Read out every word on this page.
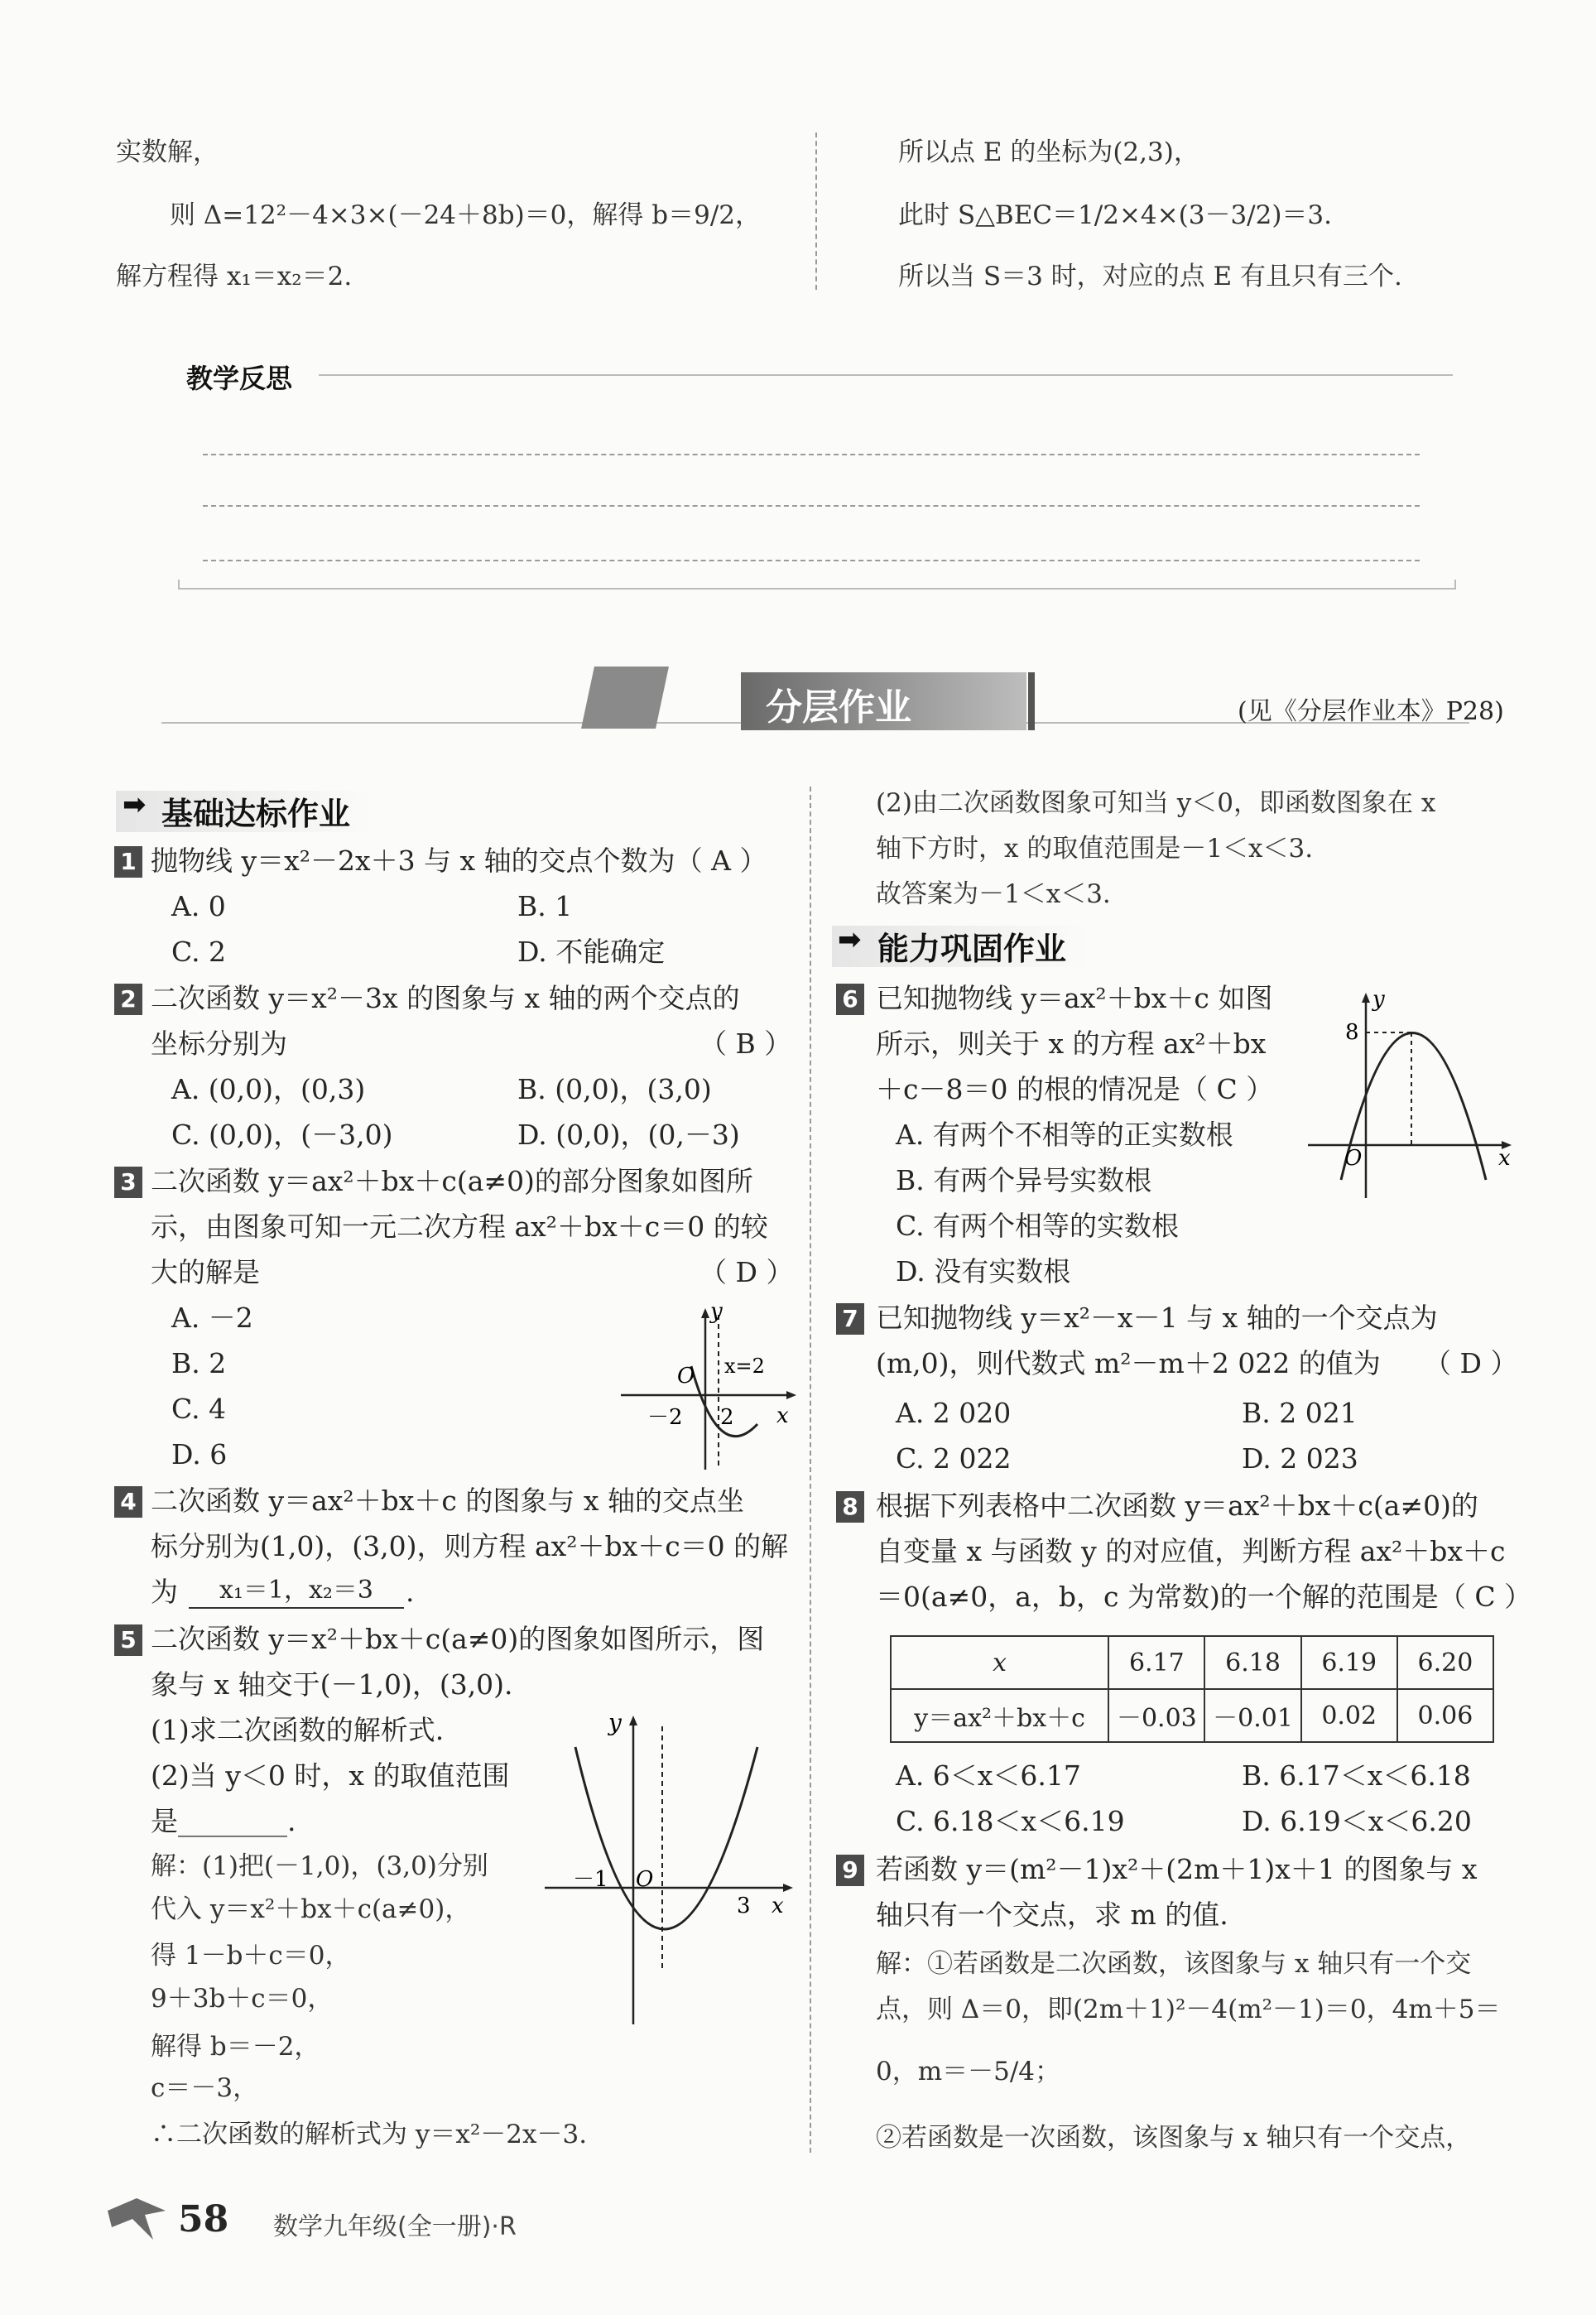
实数解，
则 Δ=12²－4×3×(－24＋8b)＝0，解得 b＝9/2，
解方程得 x₁＝x₂＝2.
所以点 E 的坐标为(2,3)，
此时 S△BEC＝1/2×4×(3－3/2)＝3.
所以当 S＝3 时，对应的点 E 有且只有三个.
教学反思
分层作业	(见《分层作业本》P28)
➡ 基础达标作业
1 抛物线 y＝x²－2x＋3 与 x 轴的交点个数为（ A ）
A. 0	B. 1
C. 2	D. 不能确定
2 二次函数 y＝x²－3x 的图象与 x 轴的两个交点的
坐标分别为	（ B ）
A. (0,0)，(0,3)	B. (0,0)，(3,0)
C. (0,0)，(－3,0)	D. (0,0)，(0,－3)
3 二次函数 y＝ax²＋bx＋c(a≠0)的部分图象如图所
示，由图象可知一元二次方程 ax²＋bx＋c＝0 的较
大的解是	（ D ）
A. －2
B. 2
C. 4
D. 6
y
O x=2
－2 2 x
4 二次函数 y＝ax²＋bx＋c 的图象与 x 轴的交点坐
标分别为(1,0)，(3,0)，则方程 ax²＋bx＋c＝0 的解
为	x₁＝1，x₂＝3	.
5 二次函数 y＝x²＋bx＋c(a≠0)的图象如图所示，图
象与 x 轴交于(－1,0)，(3,0).
(1)求二次函数的解析式.
(2)当 y＜0 时，x 的取值范围
是________.
解：(1)把(－1,0)，(3,0)分别
代入 y＝x²＋bx＋c(a≠0)，
得 1－b＋c＝0，
9＋3b＋c＝0，
解得 b＝－2，
c＝－3，
∴二次函数的解析式为 y＝x²－2x－3.
y
O
－1
3 x
(2)由二次函数图象可知当 y＜0，即函数图象在 x
轴下方时，x 的取值范围是－1＜x＜3.
故答案为－1＜x＜3.
➡ 能力巩固作业
6 已知抛物线 y＝ax²＋bx＋c 如图
所示，则关于 x 的方程 ax²＋bx
＋c－8＝0 的根的情况是（ C ）
A. 有两个不相等的正实数根
B. 有两个异号实数根
C. 有两个相等的实数根
D. 没有实数根
y
8
O	x
7 已知抛物线 y＝x²－x－1 与 x 轴的一个交点为
(m,0)，则代数式 m²－m＋2 022 的值为 （ D ）
A. 2 020	B. 2 021
C. 2 022	D. 2 023
8 根据下列表格中二次函数 y＝ax²＋bx＋c(a≠0)的
自变量 x 与函数 y 的对应值，判断方程 ax²＋bx＋c
＝0(a≠0，a，b，c 为常数)的一个解的范围是（ C ）
x	6.17	6.18	6.19	6.20
y＝ax²＋bx＋c	－0.03	－0.01	0.02	0.06
A. 6＜x＜6.17	B. 6.17＜x＜6.18
C. 6.18＜x＜6.19	D. 6.19＜x＜6.20
9 若函数 y＝(m²－1)x²＋(2m＋1)x＋1 的图象与 x
轴只有一个交点，求 m 的值.
解：①若函数是二次函数，该图象与 x 轴只有一个交
点，则 Δ＝0，即(2m＋1)²－4(m²－1)＝0，4m＋5＝
0，m＝－5/4；
②若函数是一次函数，该图象与 x 轴只有一个交点，
58 数学九年级(全一册)·R
